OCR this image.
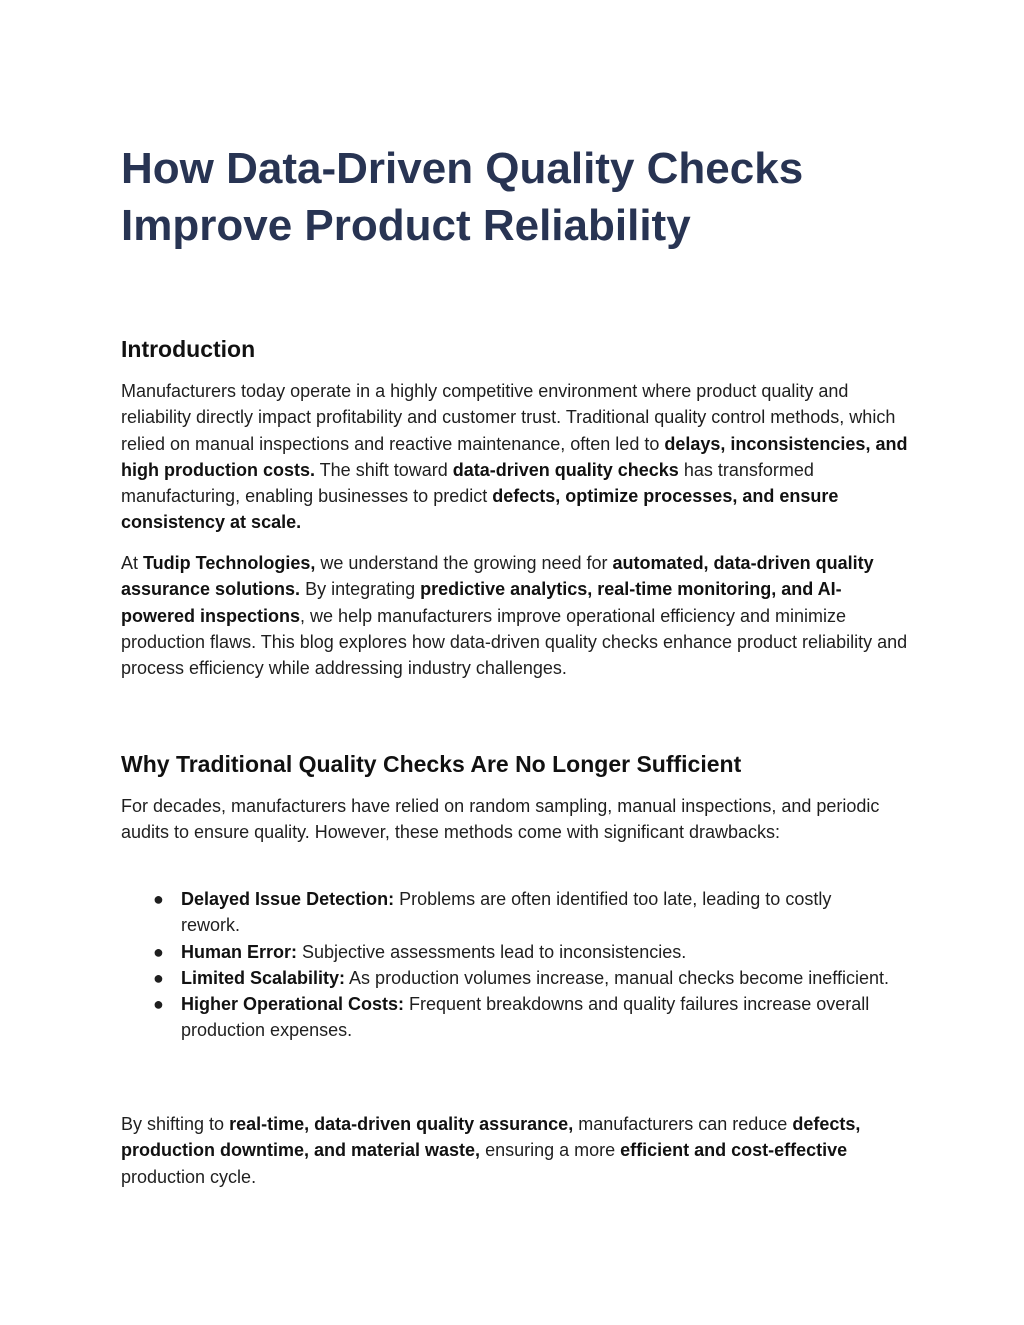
How Data-Driven Quality Checks Improve Product Reliability
Introduction

Manufacturers today operate in a highly competitive environment where product quality and reliability directly impact profitability and customer trust. Traditional quality control methods, which relied on manual inspections and reactive maintenance, often led to delays, inconsistencies, and high production costs. The shift toward data-driven quality checks has transformed manufacturing, enabling businesses to predict defects, optimize processes, and ensure consistency at scale.

At Tudip Technologies, we understand the growing need for automated, data-driven quality assurance solutions. By integrating predictive analytics, real-time monitoring, and AI-powered inspections, we help manufacturers improve operational efficiency and minimize production flaws. This blog explores how data-driven quality checks enhance product reliability and process efficiency while addressing industry challenges.

Why Traditional Quality Checks Are No Longer Sufficient

For decades, manufacturers have relied on random sampling, manual inspections, and periodic audits to ensure quality. However, these methods come with significant drawbacks:

● Delayed Issue Detection: Problems are often identified too late, leading to costly rework.
● Human Error: Subjective assessments lead to inconsistencies.
● Limited Scalability: As production volumes increase, manual checks become inefficient.
● Higher Operational Costs: Frequent breakdowns and quality failures increase overall production expenses.

By shifting to real-time, data-driven quality assurance, manufacturers can reduce defects, production downtime, and material waste, ensuring a more efficient and cost-effective production cycle.
